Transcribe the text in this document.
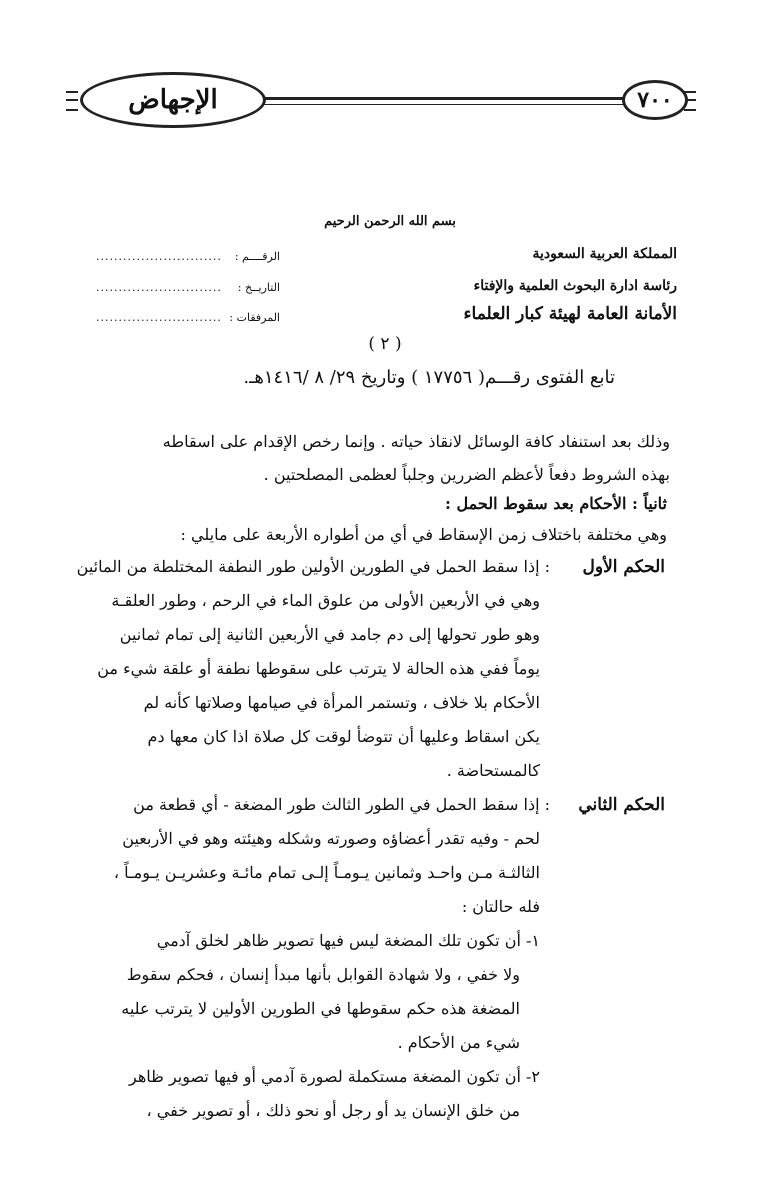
الإجهاض	٧٠٠
بسم الله الرحمن الرحيم
المملكة العربية السعودية
رئاسة ادارة البحوث العلمية والإفتاء
الأمانة العامة لهيئة كبار العلماء
الرقــــم :
............................
التاريــخ :
............................
المرفقات :
............................
( ٢ )
تابع الفتوى رقـــم( ١٧٧٥٦ ) وتاريخ ٢٩/ ٨ /١٤١٦هـ.
وذلك بعد استنفاد كافة الوسائل لانقاذ حياته . وإنما رخص الإقدام على اسقاطه
بهذه الشروط دفعاً لأعظم الضررين وجلباً لعظمى المصلحتين .
ثانياً : الأحكام بعد سقوط الحمل :
وهي مختلفة باختلاف زمن الإسقاط في أي من أطواره الأربعة على مايلي :
الحكم الأول
: إذا سقط الحمل في الطورين الأولين طور النطفة المختلطة من المائين
وهي في الأربعين الأولى من علوق الماء في الرحم ، وطور العلقـة
وهو طور تحولها إلى دم جامد في الأربعين الثانية إلى تمام ثمانين
يوماً ففي هذه الحالة لا يترتب على سقوطها نطفة أو علقة شيء من
الأحكام بلا خلاف ، وتستمر المرأة في صيامها وصلاتها كأنه لم
يكن اسقاط وعليها أن تتوضأ لوقت كل صلاة اذا كان معها دم
كالمستحاضة .
الحكم الثاني
: إذا سقط الحمل في الطور الثالث طور المضغة - أي قطعة من
لحم - وفيه تقدر أعضاؤه وصورته وشكله وهيئته وهو في الأربعين
الثالثـة مـن واحـد وثمانين يـومـاً إلـى تمام مائـة وعشريـن يـومـاً ،
فله حالتان :
١- أن تكون تلك المضغة ليس فيها تصوير ظاهر لخلق آدمي
ولا خفي ، ولا شهادة القوابل بأنها مبدأ إنسان ، فحكم سقوط
المضغة هذه حكم سقوطها في الطورين الأولين لا يترتب عليه
شيء من الأحكام .
٢- أن تكون المضغة مستكملة لصورة آدمي أو فيها تصوير ظاهر
من خلق الإنسان يد أو رجل أو نحو ذلك ، أو تصوير خفي ،
